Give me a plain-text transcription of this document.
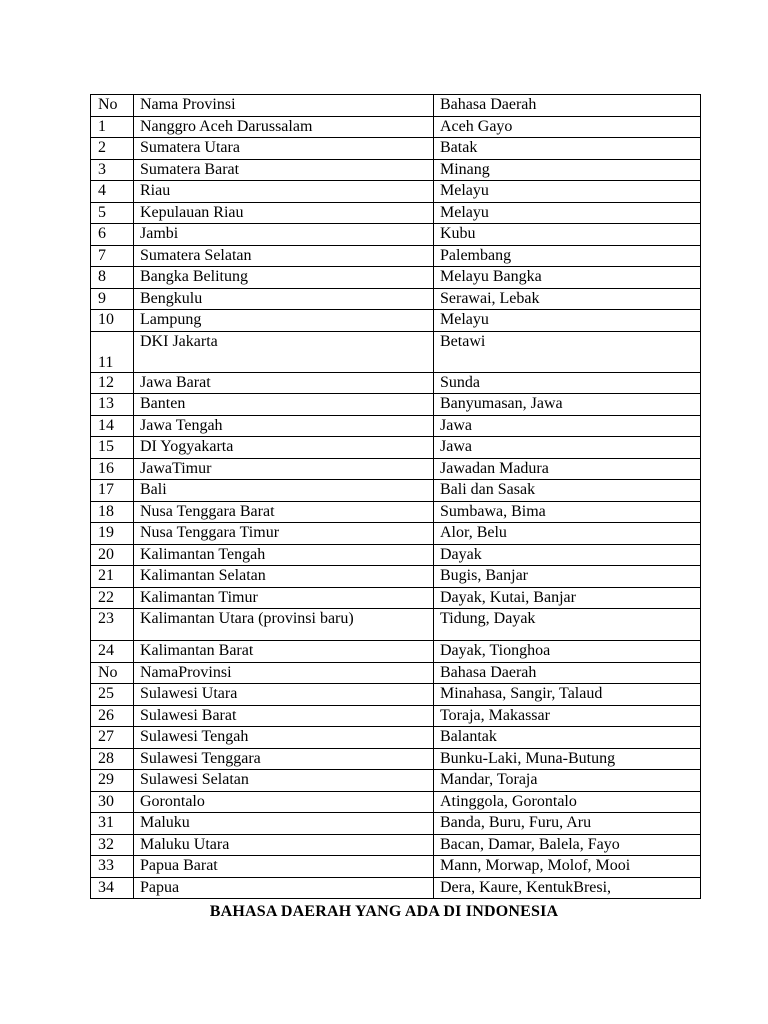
No	Nama Provinsi	Bahasa Daerah
1	Nanggro Aceh Darussalam	Aceh Gayo
2	Sumatera Utara	Batak
3	Sumatera Barat	Minang
4	Riau	Melayu
5	Kepulauan Riau	Melayu
6	Jambi	Kubu
7	Sumatera Selatan	Palembang
8	Bangka Belitung	Melayu Bangka
9	Bengkulu	Serawai, Lebak
10	Lampung	Melayu
11	DKI Jakarta	Betawi
12	Jawa Barat	Sunda
13	Banten	Banyumasan, Jawa
14	Jawa Tengah	Jawa
15	DI Yogyakarta	Jawa
16	JawaTimur	Jawadan Madura
17	Bali	Bali dan Sasak
18	Nusa Tenggara Barat	Sumbawa, Bima
19	Nusa Tenggara Timur	Alor, Belu
20	Kalimantan Tengah	Dayak
21	Kalimantan Selatan	Bugis, Banjar
22	Kalimantan Timur	Dayak, Kutai, Banjar
23	Kalimantan Utara (provinsi baru)	Tidung, Dayak
24	Kalimantan Barat	Dayak, Tionghoa
No	NamaProvinsi	Bahasa Daerah
25	Sulawesi Utara	Minahasa, Sangir, Talaud
26	Sulawesi Barat	Toraja, Makassar
27	Sulawesi Tengah	Balantak
28	Sulawesi Tenggara	Bunku-Laki, Muna-Butung
29	Sulawesi Selatan	Mandar, Toraja
30	Gorontalo	Atinggola, Gorontalo
31	Maluku	Banda, Buru, Furu, Aru
32	Maluku Utara	Bacan, Damar, Balela, Fayo
33	Papua Barat	Mann, Morwap, Molof, Mooi
34	Papua	Dera, Kaure, KentukBresi,
BAHASA DAERAH YANG ADA DI INDONESIA
